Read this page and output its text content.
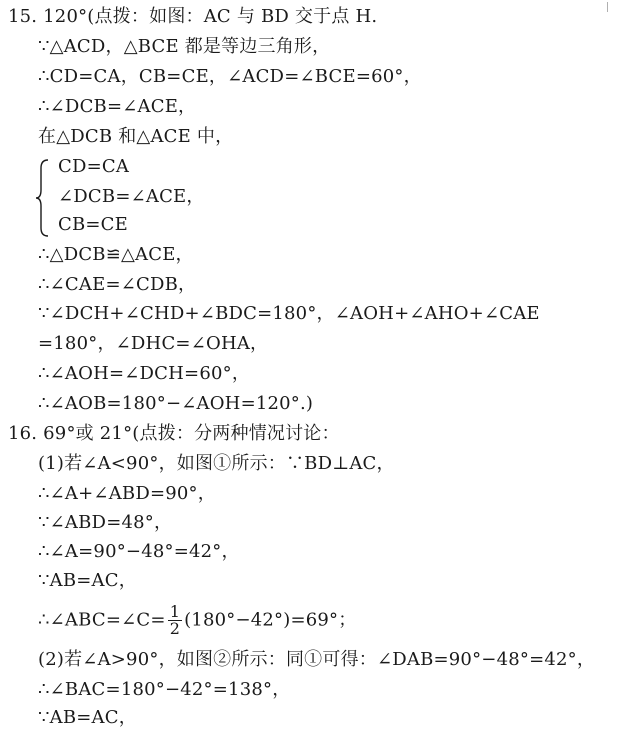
15. 120°(点拨：如图：AC 与 BD 交于点 H.
∵△ACD，△BCE 都是等边三角形，
∴CD=CA，CB=CE，∠ACD=∠BCE=60°，
∴∠DCB=∠ACE，
在△DCB 和△ACE 中，
CD=CA
∠DCB=∠ACE，
CB=CE
∴△DCB≌△ACE，
∴∠CAE=∠CDB，
∵∠DCH+∠CHD+∠BDC=180°，∠AOH+∠AHO+∠CAE
=180°，∠DHC=∠OHA，
∴∠AOH=∠DCH=60°，
∴∠AOB=180°−∠AOH=120°.)
16. 69°或 21°(点拨：分两种情况讨论：
(1)若∠A<90°，如图①所示：∵BD⊥AC，
∴∠A+∠ABD=90°，
∵∠ABD=48°，
∴∠A=90°−48°=42°，
∵AB=AC，
∴∠ABC=∠C= $\frac{1}{2} (180^\circ-42^\circ)=69^\circ$；
(2)若∠A>90°，如图②所示：同①可得：∠DAB=90°−48°=42°，
∴∠BAC=180°−42°=138°，
∵AB=AC，
